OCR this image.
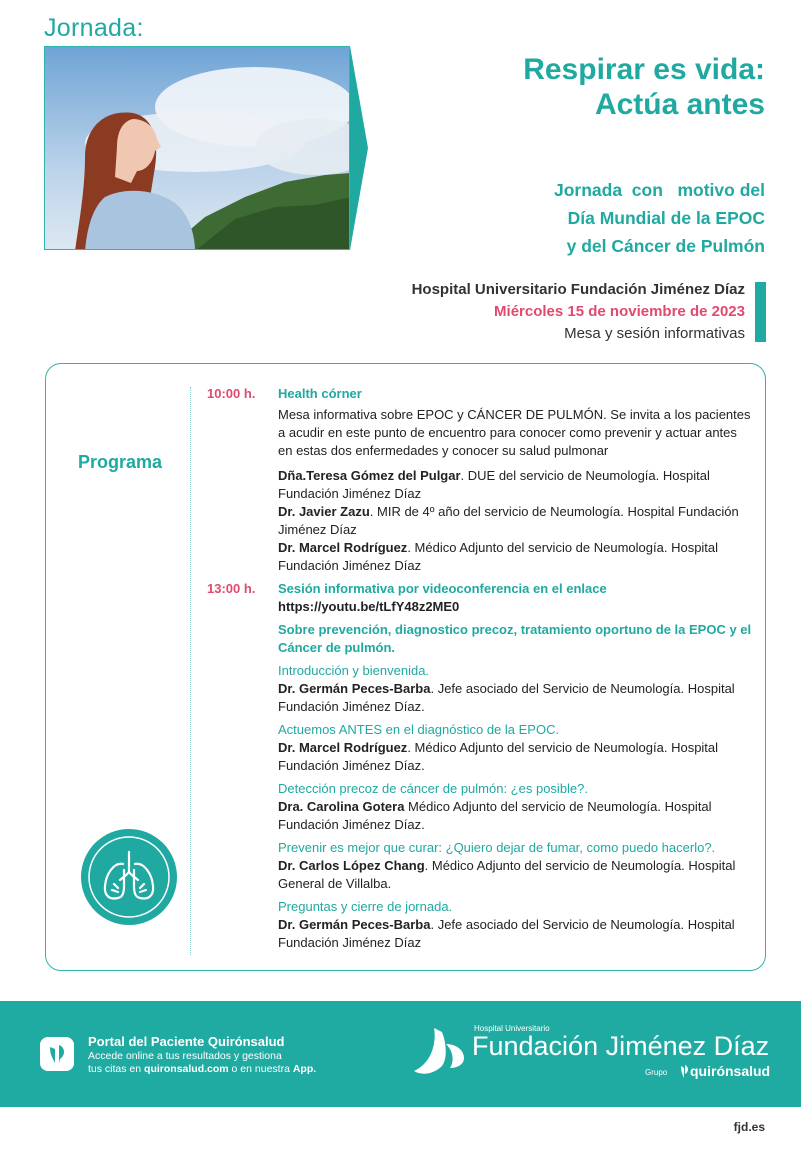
Jornada:
Respirar es vida:
Actúa antes
Jornada  con   motivo del
Día Mundial de la EPOC
y del Cáncer de Pulmón
Hospital Universitario Fundación Jiménez Díaz
Miércoles 15 de noviembre de 2023
Mesa y sesión informativas
Programa
10:00 h. Health córner
Mesa informativa sobre EPOC y CÁNCER DE PULMÓN. Se invita a los pacientes a acudir en este punto de encuentro para conocer como prevenir y actuar antes en estas dos enfermedades y conocer su salud pulmonar
Dña.Teresa Gómez del Pulgar. DUE del servicio de Neumología. Hospital Fundación Jiménez Díaz
Dr. Javier Zazu. MIR de 4º año del servicio de Neumología. Hospital Fundación Jiménez Díaz
Dr. Marcel Rodríguez. Médico Adjunto del servicio de Neumología. Hospital Fundación Jiménez Díaz
13:00 h. Sesión informativa por videoconferencia en el enlace
https://youtu.be/tLfY48z2ME0
Sobre prevención, diagnostico precoz, tratamiento oportuno de la EPOC y el Cáncer de pulmón.
Introducción y bienvenida.
Dr. Germán Peces-Barba. Jefe asociado del Servicio de Neumología. Hospital Fundación Jiménez Díaz.
Actuemos ANTES en el diagnóstico de la EPOC.
Dr. Marcel Rodríguez. Médico Adjunto del servicio de Neumología. Hospital Fundación Jiménez Díaz.
Detección precoz de cáncer de pulmón: ¿es posible?.
Dra. Carolina Gotera Médico Adjunto del servicio de Neumología. Hospital Fundación Jiménez Díaz.
Prevenir es mejor que curar: ¿Quiero dejar de fumar, como puedo hacerlo?.
Dr. Carlos López Chang. Médico Adjunto del servicio de Neumología. Hospital General de Villalba.
Preguntas y cierre de jornada.
Dr. Germán Peces-Barba. Jefe asociado del Servicio de Neumología. Hospital Fundación Jiménez Díaz
Portal del Paciente Quirónsalud
Accede online a tus resultados y gestiona
tus citas en quironsalud.com o en nuestra App.
Hospital Universitario
Fundación Jiménez Díaz
Grupo quirónsalud
fjd.es
